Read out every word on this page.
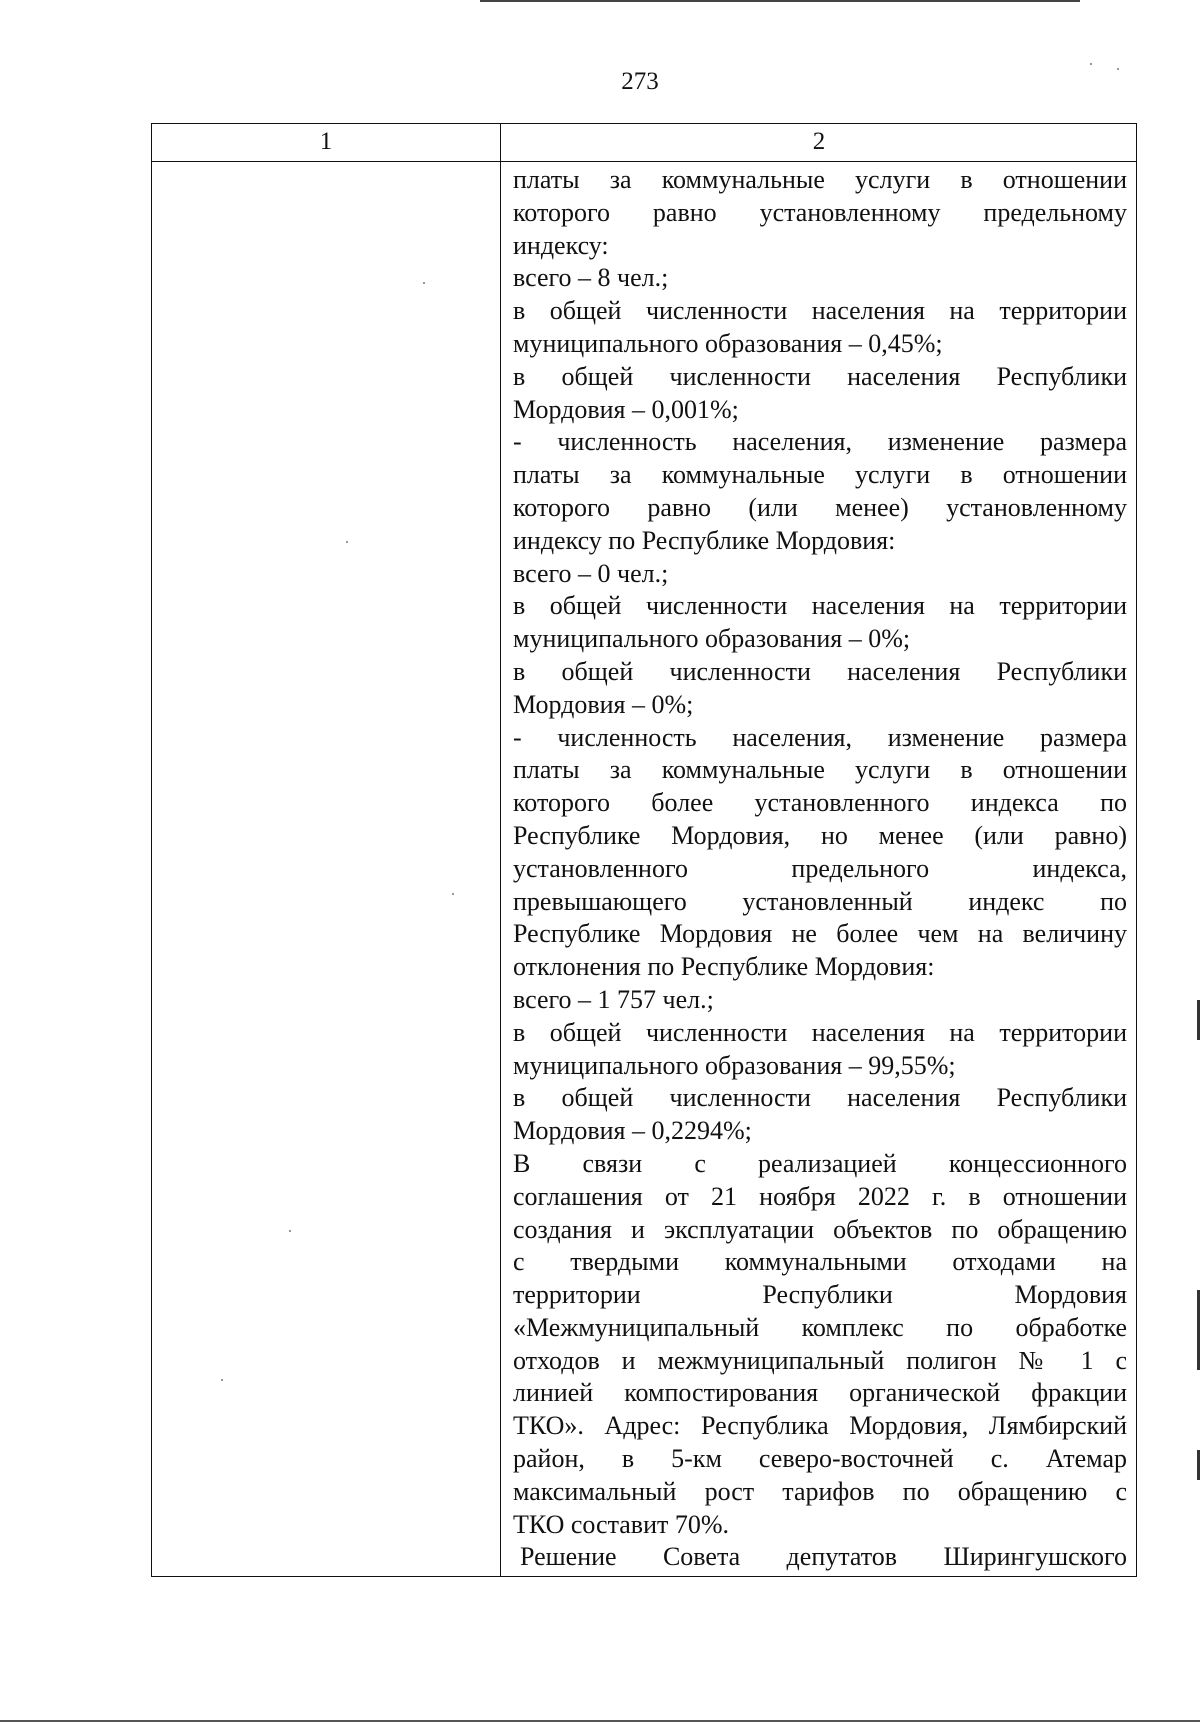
273
1	2
платы за коммунальные услуги в отношении
которого равно установленному предельному
индексу:
всего – 8 чел.;
в общей численности населения на территории
муниципального образования – 0,45%;
в общей численности населения Республики
Мордовия – 0,001%;
- численность населения, изменение размера
платы за коммунальные услуги в отношении
которого равно (или менее) установленному
индексу по Республике Мордовия:
всего – 0 чел.;
в общей численности населения на территории
муниципального образования – 0%;
в общей численности населения Республики
Мордовия – 0%;
- численность населения, изменение размера
платы за коммунальные услуги в отношении
которого более установленного индекса по
Республике Мордовия, но менее (или равно)
установленного предельного индекса,
превышающего установленный индекс по
Республике Мордовия не более чем на величину
отклонения по Республике Мордовия:
всего – 1 757 чел.;
в общей численности населения на территории
муниципального образования – 99,55%;
в общей численности населения Республики
Мордовия – 0,2294%;
В связи с реализацией концессионного
соглашения от 21 ноября 2022 г. в отношении
создания и эксплуатации объектов по обращению
с твердыми коммунальными отходами на
территории Республики Мордовия
«Межмуниципальный комплекс по обработке
отходов и межмуниципальный полигон № 1 с
линией компостирования органической фракции
ТКО». Адрес: Республика Мордовия, Лямбирский
район, в 5-км северо-восточней с. Атемар
максимальный рост тарифов по обращению с
ТКО составит 70%.
Решение Совета депутатов Ширингушского
